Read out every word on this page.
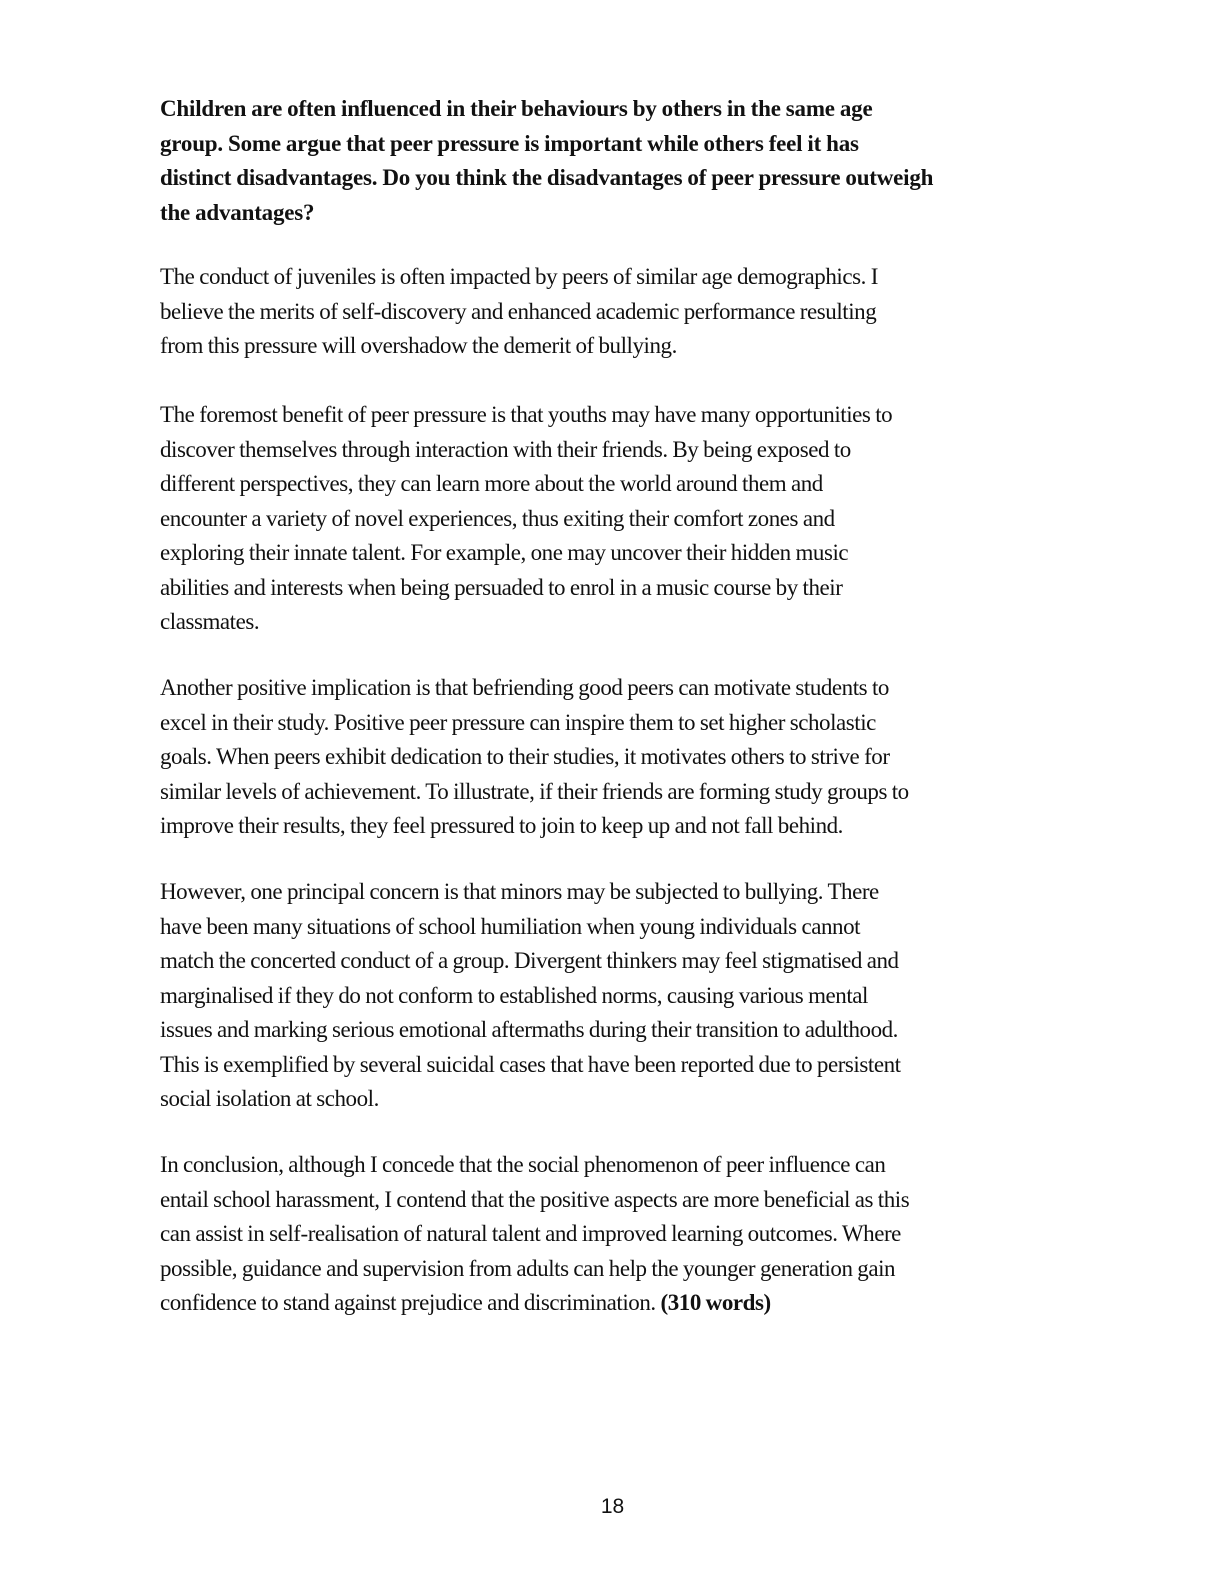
Children are often influenced in their behaviours by others in the same age
group. Some argue that peer pressure is important while others feel it has
distinct disadvantages. Do you think the disadvantages of peer pressure outweigh
the advantages?
The conduct of juveniles is often impacted by peers of similar age demographics. I
believe the merits of self-discovery and enhanced academic performance resulting
from this pressure will overshadow the demerit of bullying.
The foremost benefit of peer pressure is that youths may have many opportunities to
discover themselves through interaction with their friends. By being exposed to
different perspectives, they can learn more about the world around them and
encounter a variety of novel experiences, thus exiting their comfort zones and
exploring their innate talent. For example, one may uncover their hidden music
abilities and interests when being persuaded to enrol in a music course by their
classmates.
Another positive implication is that befriending good peers can motivate students to
excel in their study. Positive peer pressure can inspire them to set higher scholastic
goals. When peers exhibit dedication to their studies, it motivates others to strive for
similar levels of achievement. To illustrate, if their friends are forming study groups to
improve their results, they feel pressured to join to keep up and not fall behind.
However, one principal concern is that minors may be subjected to bullying. There
have been many situations of school humiliation when young individuals cannot
match the concerted conduct of a group. Divergent thinkers may feel stigmatised and
marginalised if they do not conform to established norms, causing various mental
issues and marking serious emotional aftermaths during their transition to adulthood.
This is exemplified by several suicidal cases that have been reported due to persistent
social isolation at school.
In conclusion, although I concede that the social phenomenon of peer influence can
entail school harassment, I contend that the positive aspects are more beneficial as this
can assist in self-realisation of natural talent and improved learning outcomes. Where
possible, guidance and supervision from adults can help the younger generation gain
confidence to stand against prejudice and discrimination. (310 words)
18
